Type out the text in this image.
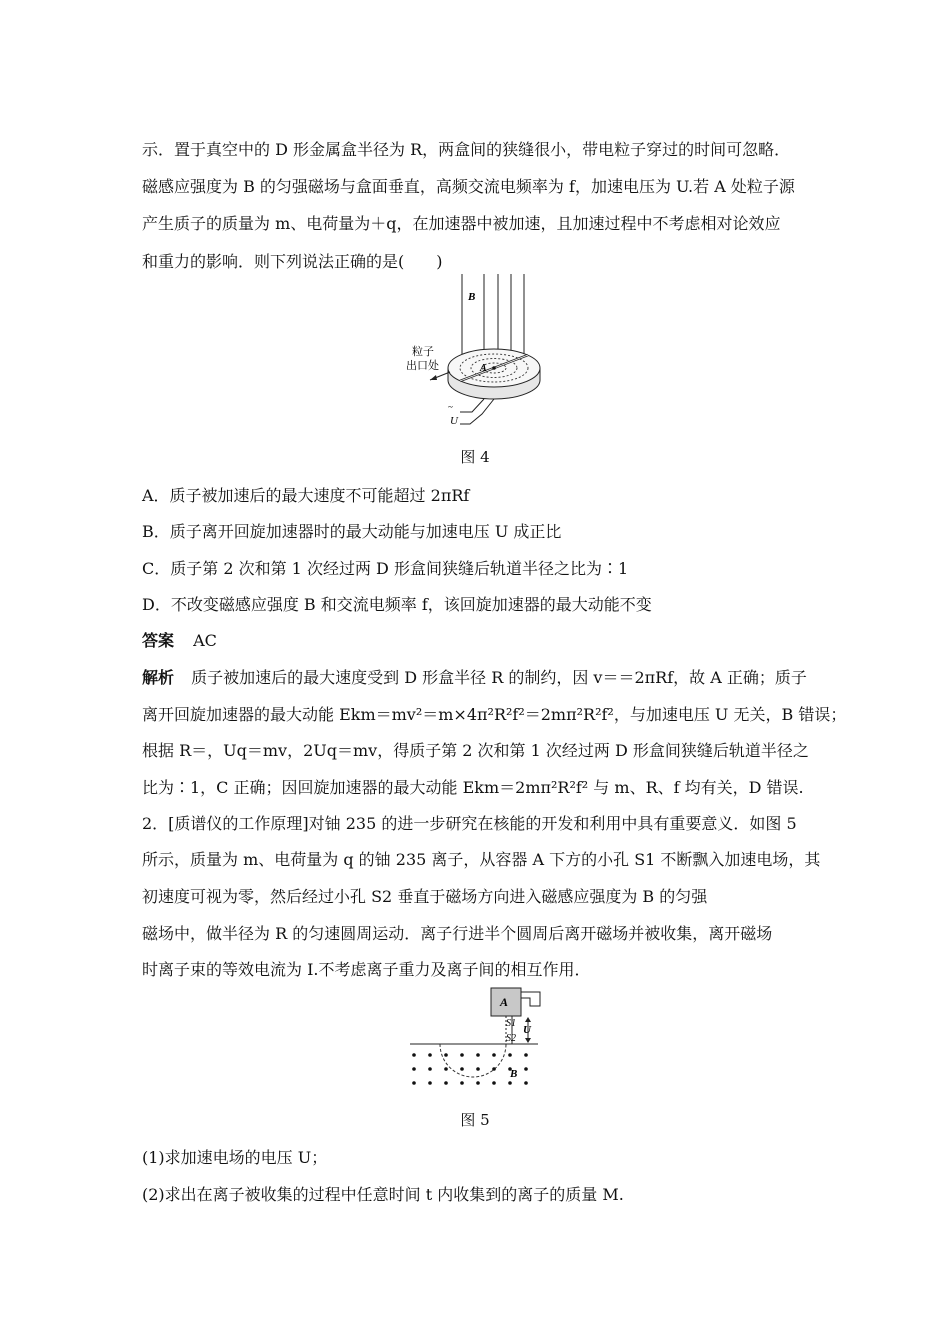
示．置于真空中的 D 形金属盒半径为 R，两盒间的狭缝很小，带电粒子穿过的时间可忽略．
磁感应强度为 B 的匀强磁场与盒面垂直，高频交流电频率为 f，加速电压为 U.若 A 处粒子源
产生质子的质量为 m、电荷量为＋q，在加速器中被加速，且加速过程中不考虑相对论效应
和重力的影响．则下列说法正确的是(　　)
B
A
粒子
出口处
~
U
图 4
A．质子被加速后的最大速度不可能超过 2πRf
B．质子离开回旋加速器时的最大动能与加速电压 U 成正比
C．质子第 2 次和第 1 次经过两 D 形盒间狭缝后轨道半径之比为∶1
D．不改变磁感应强度 B 和交流电频率 f，该回旋加速器的最大动能不变
答案 AC
解析 质子被加速后的最大速度受到 D 形盒半径 R 的制约，因 v＝＝2πRf，故 A 正确；质子
离开回旋加速器的最大动能 Ekm＝mv²＝m×4π²R²f²＝2mπ²R²f²，与加速电压 U 无关，B 错误；
根据 R＝，Uq＝mv，2Uq＝mv，得质子第 2 次和第 1 次经过两 D 形盒间狭缝后轨道半径之
比为∶1，C 正确；因回旋加速器的最大动能 Ekm＝2mπ²R²f² 与 m、R、f 均有关，D 错误.
2．[质谱仪的工作原理]对铀 235 的进一步研究在核能的开发和利用中具有重要意义．如图 5
所示，质量为 m、电荷量为 q 的铀 235 离子，从容器 A 下方的小孔 S1 不断飘入加速电场，其
初速度可视为零，然后经过小孔 S2 垂直于磁场方向进入磁感应强度为 B 的匀强
磁场中，做半径为 R 的匀速圆周运动．离子行进半个圆周后离开磁场并被收集，离开磁场
时离子束的等效电流为 I.不考虑离子重力及离子间的相互作用．
A
S1
S2
U
B
图 5
(1)求加速电场的电压 U；
(2)求出在离子被收集的过程中任意时间 t 内收集到的离子的质量 M.
